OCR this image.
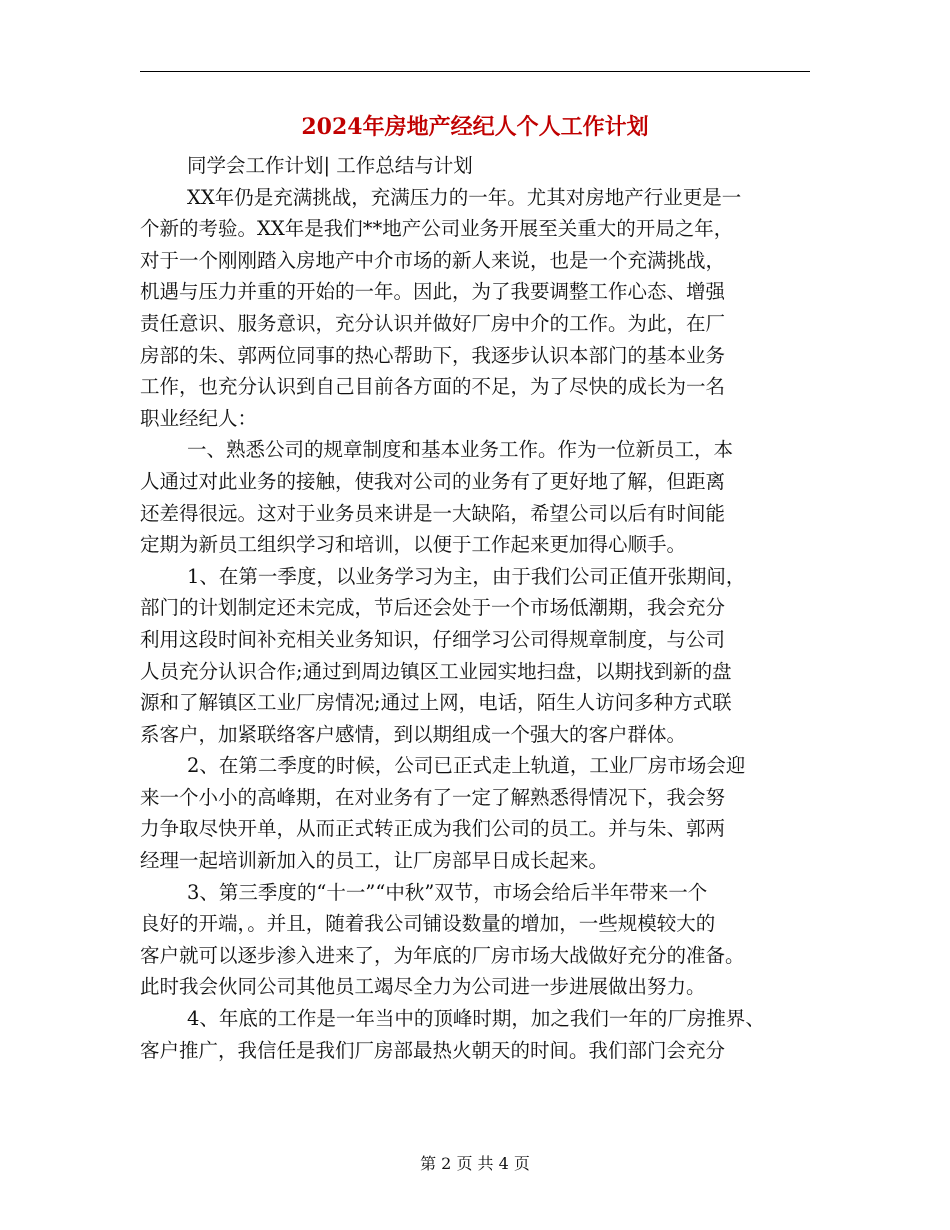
2024年房地产经纪人个人工作计划
同学会工作计划| 工作总结与计划
XX年仍是充满挑战，充满压力的一年。尤其对房地产行业更是一
个新的考验。XX年是我们**地产公司业务开展至关重大的开局之年，
对于一个刚刚踏入房地产中介市场的新人来说，也是一个充满挑战，
机遇与压力并重的开始的一年。因此，为了我要调整工作心态、增强
责任意识、服务意识，充分认识并做好厂房中介的工作。为此，在厂
房部的朱、郭两位同事的热心帮助下，我逐步认识本部门的基本业务
工作，也充分认识到自己目前各方面的不足，为了尽快的成长为一名
职业经纪人：
一、熟悉公司的规章制度和基本业务工作。作为一位新员工，本
人通过对此业务的接触，使我对公司的业务有了更好地了解，但距离
还差得很远。这对于业务员来讲是一大缺陷，希望公司以后有时间能
定期为新员工组织学习和培训，以便于工作起来更加得心顺手。
1、在第一季度，以业务学习为主，由于我们公司正值开张期间，
部门的计划制定还未完成，节后还会处于一个市场低潮期，我会充分
利用这段时间补充相关业务知识，仔细学习公司得规章制度，与公司
人员充分认识合作;通过到周边镇区工业园实地扫盘，以期找到新的盘
源和了解镇区工业厂房情况;通过上网，电话，陌生人访问多种方式联
系客户，加紧联络客户感情，到以期组成一个强大的客户群体。
2、在第二季度的时候，公司已正式走上轨道，工业厂房市场会迎
来一个小小的高峰期，在对业务有了一定了解熟悉得情况下，我会努
力争取尽快开单，从而正式转正成为我们公司的员工。并与朱、郭两
经理一起培训新加入的员工，让厂房部早日成长起来。
3、第三季度的“十一”“中秋”双节，市场会给后半年带来一个
良好的开端，。并且，随着我公司铺设数量的增加，一些规模较大的
客户就可以逐步渗入进来了，为年底的厂房市场大战做好充分的准备。
此时我会伙同公司其他员工竭尽全力为公司进一步进展做出努力。
4、年底的工作是一年当中的顶峰时期，加之我们一年的厂房推界、
客户推广，我信任是我们厂房部最热火朝天的时间。我们部门会充分
第 2 页 共 4 页
